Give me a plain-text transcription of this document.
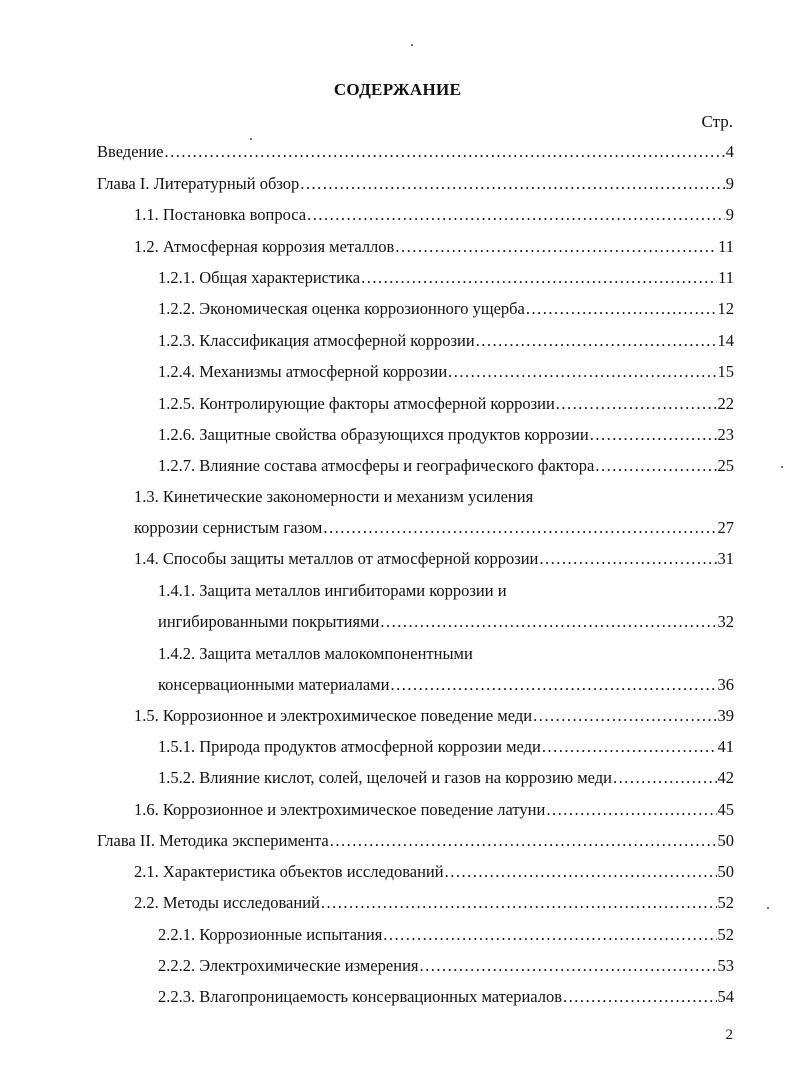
СОДЕРЖАНИЕ
Стр.
Введение .....	4
Глава I. Литературный обзор .....	9
1.1. Постановка вопроса .....	9
1.2. Атмосферная коррозия металлов .....	11
1.2.1. Общая характеристика .....	11
1.2.2. Экономическая оценка коррозионного ущерба .....	12
1.2.3. Классификация атмосферной коррозии .....	14
1.2.4. Механизмы атмосферной коррозии .....	15
1.2.5. Контролирующие факторы атмосферной коррозии .....	22
1.2.6. Защитные свойства образующихся продуктов коррозии .....	23
1.2.7. Влияние состава атмосферы и географического фактора .....	25
1.3. Кинетические закономерности и механизм усиления
коррозии сернистым газом .....	27
1.4. Способы защиты металлов от атмосферной коррозии .....	31
1.4.1. Защита металлов ингибиторами коррозии и
ингибированными покрытиями .....	32
1.4.2. Защита металлов малокомпонентными
консервационными материалами .....	36
1.5. Коррозионное и электрохимическое поведение меди .....	39
1.5.1. Природа продуктов атмосферной коррозии меди .....	41
1.5.2. Влияние кислот, солей, щелочей и газов на коррозию меди .....	42
1.6. Коррозионное и электрохимическое поведение латуни .....	45
Глава II. Методика эксперимента .....	50
2.1. Характеристика объектов исследований .....	50
2.2. Методы исследований .....	52
2.2.1. Коррозионные испытания .....	52
2.2.2. Электрохимические измерения .....	53
2.2.3. Влагопроницаемость консервационных материалов .....	54
2
